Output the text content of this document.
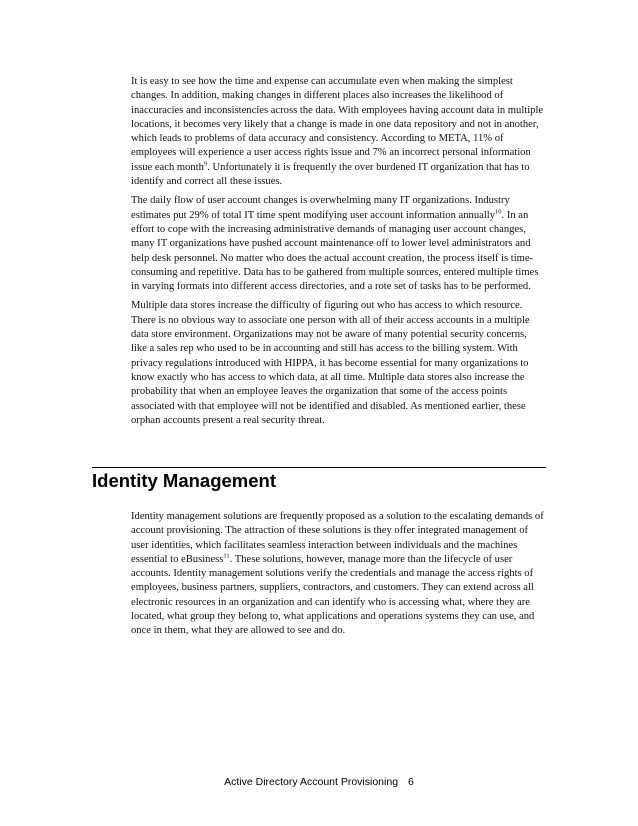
It is easy to see how the time and expense can accumulate even when making the simplest changes. In addition, making changes in different places also increases the likelihood of inaccuracies and inconsistencies across the data. With employees having account data in multiple locations, it becomes very likely that a change is made in one data repository and not in another, which leads to problems of data accuracy and consistency. According to META, 11% of employees will experience a user access rights issue and 7% an incorrect personal information issue each month$^9$. Unfortunately it is frequently the over burdened IT organization that has to identify and correct all these issues.

The daily flow of user account changes is overwhelming many IT organizations. Industry estimates put 29% of total IT time spent modifying user account information annually$^{10}$. In an effort to cope with the increasing administrative demands of managing user account changes, many IT organizations have pushed account maintenance off to lower level administrators and help desk personnel. No matter who does the actual account creation, the process itself is time-consuming and repetitive. Data has to be gathered from multiple sources, entered multiple times in varying formats into different access directories, and a rote set of tasks has to be performed.

Multiple data stores increase the difficulty of figuring out who has access to which resource. There is no obvious way to associate one person with all of their access accounts in a multiple data store environment. Organizations may not be aware of many potential security concerns, like a sales rep who used to be in accounting and still has access to the billing system. With privacy regulations introduced with HIPPA, it has become essential for many organizations to know exactly who has access to which data, at all time. Multiple data stores also increase the probability that when an employee leaves the organization that some of the access points associated with that employee will not be identified and disabled. As mentioned earlier, these orphan accounts present a real security threat.

Identity Management

Identity management solutions are frequently proposed as a solution to the escalating demands of account provisioning. The attraction of these solutions is they offer integrated management of user identities, which facilitates seamless interaction between individuals and the machines essential to eBusiness$^{11}$. These solutions, however, manage more than the lifecycle of user accounts. Identity management solutions verify the credentials and manage the access rights of employees, business partners, suppliers, contractors, and customers. They can extend across all electronic resources in an organization and can identify who is accessing what, where they are located, what group they belong to, what applications and operations systems they can use, and once in them, what they are allowed to see and do.

Active Directory Account Provisioning 6
